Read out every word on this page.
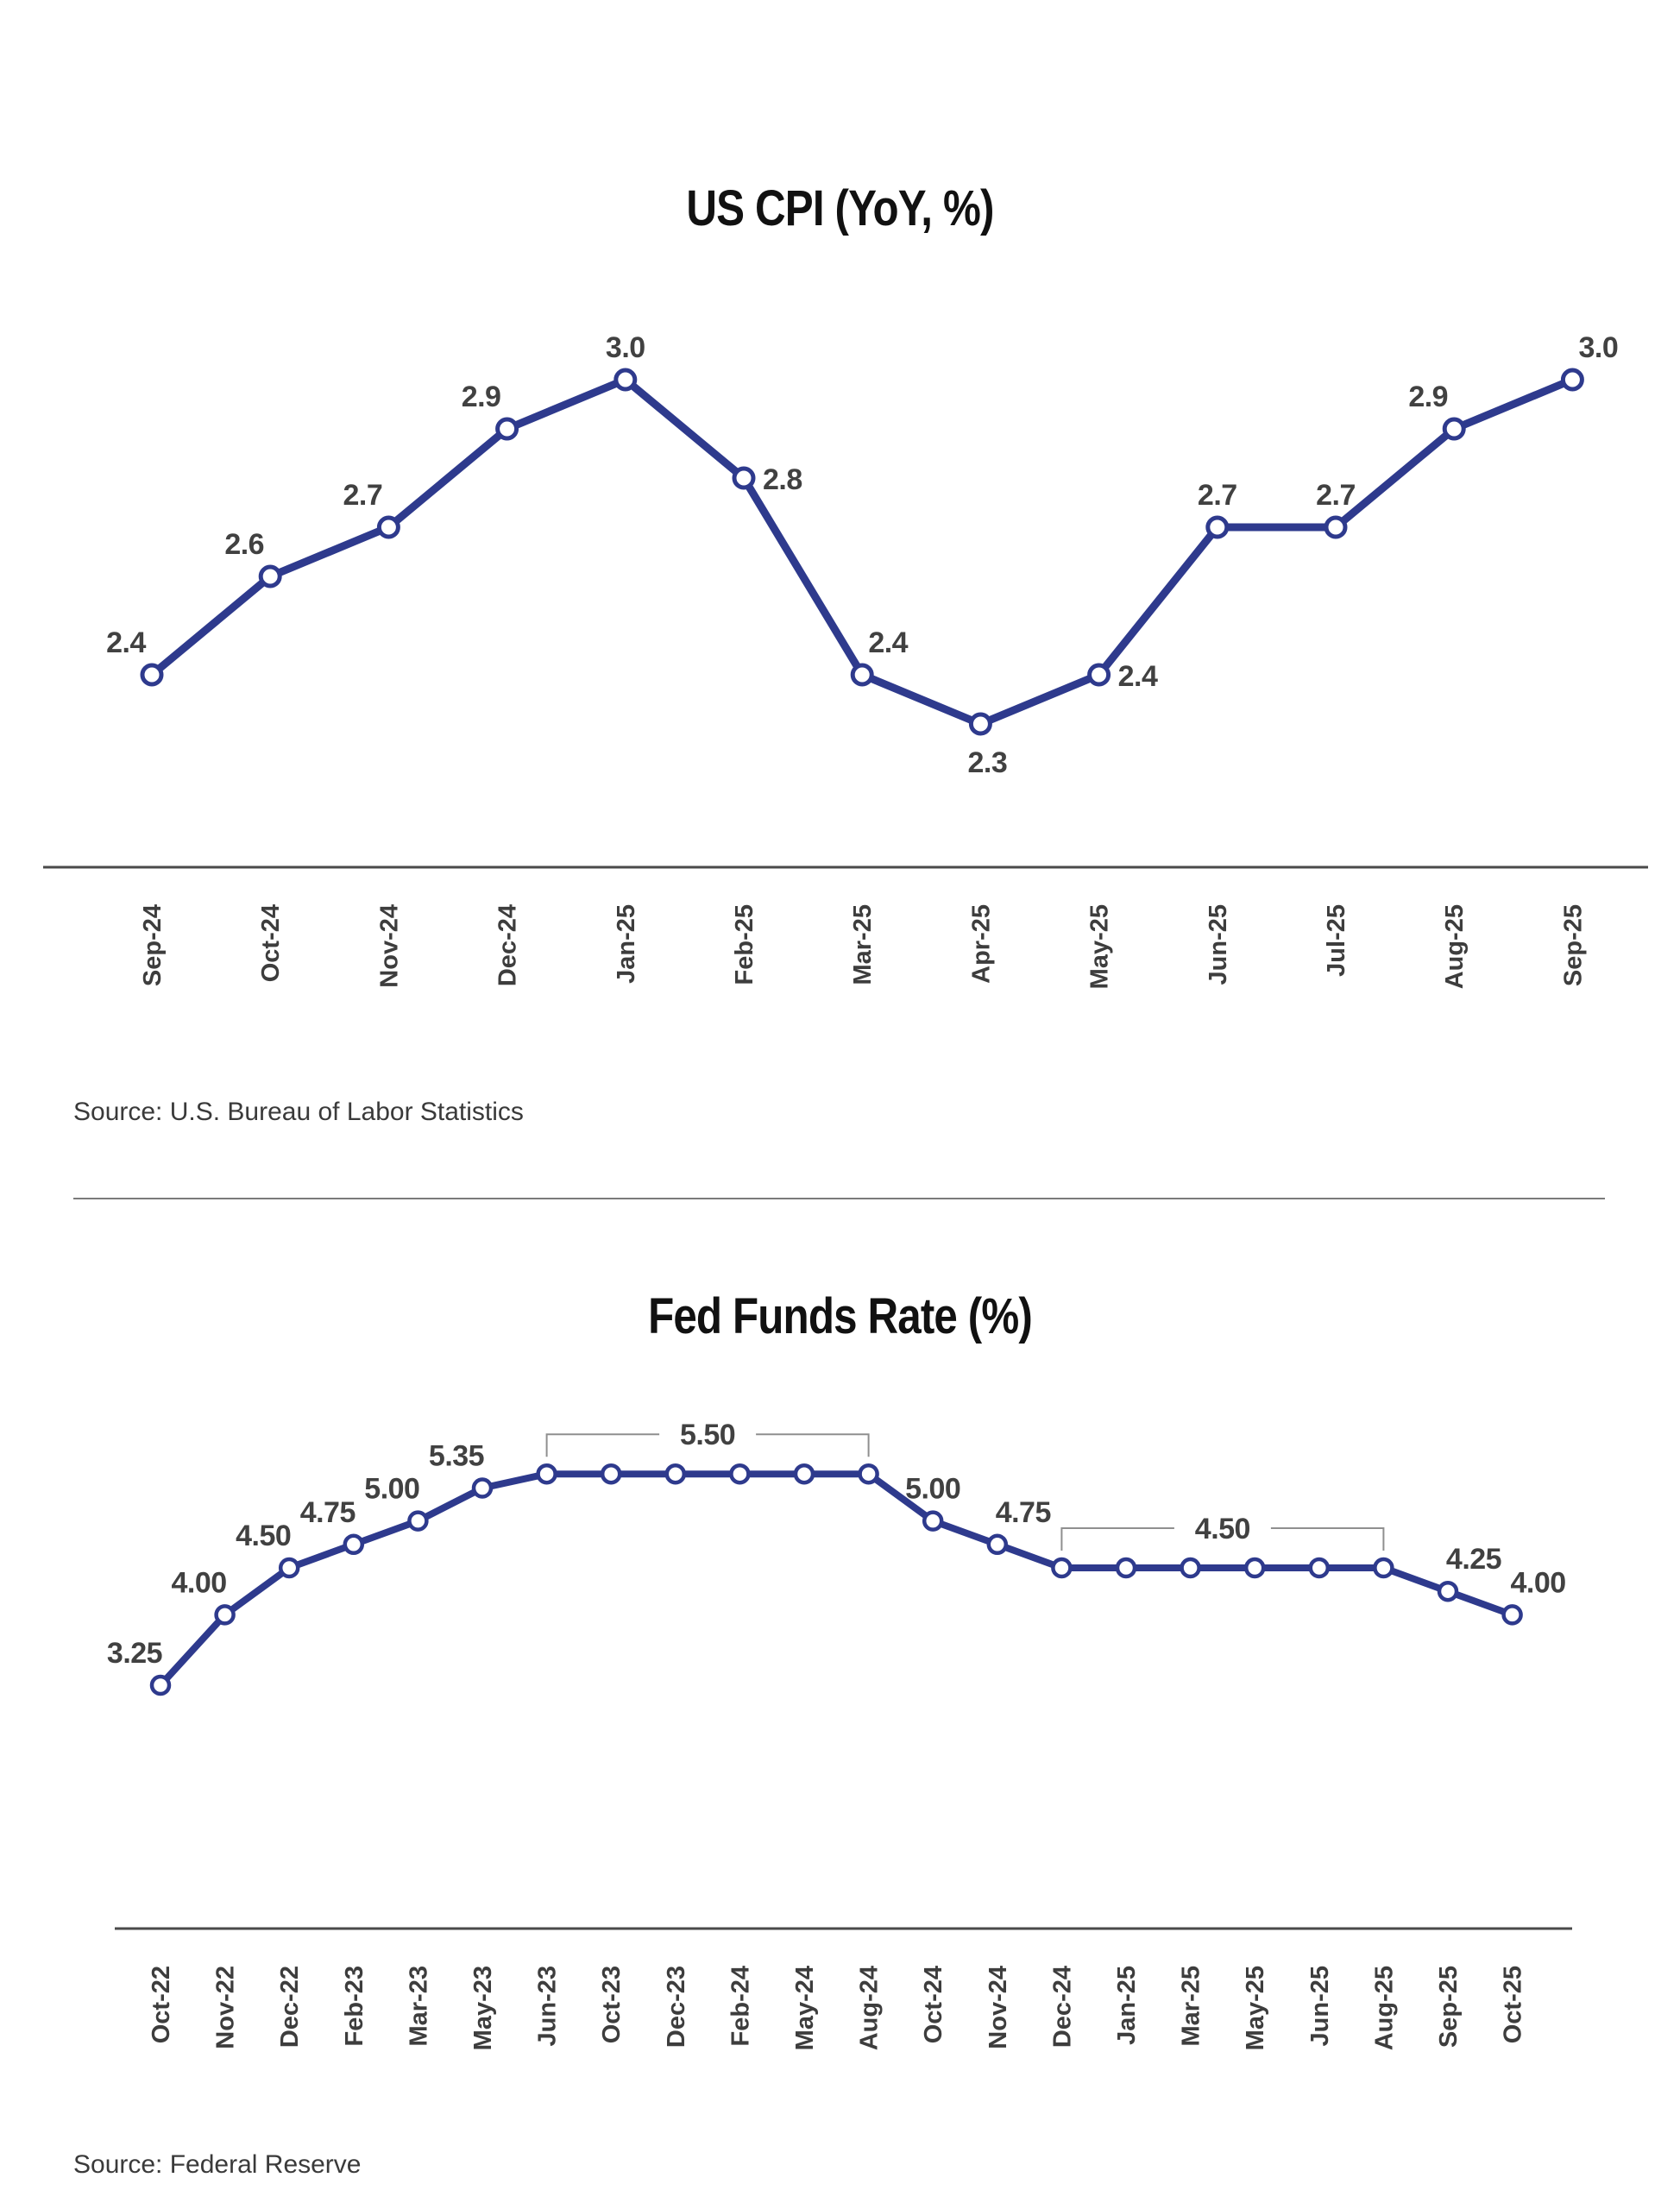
US CPI (YoY, %)
Sep-24	Oct-24	Nov-24	Dec-24	Jan-25	Feb-25	Mar-25	Apr-25	May-25	Jun-25	Jul-25	Aug-25	Sep-25
2.4
2.6
2.7
2.9
3.0
2.8
2.4
2.3
2.4
2.7	2.7
2.9
3.0
Oct-22 Nov-22 Dec-22 Feb-23 Mar-23 May-23 Jun-23 Oct-23 Dec-23 Feb-24 May-24 Aug-24 Oct-24 Nov-24 Dec-24 Jan-25 Mar-25 May-25 Jun-25 Aug-25 Sep-25 Oct-25
5.50
4.50
3.25
4.00
4.50
4.75
5.00
5.35
5.00
4.75
4.25
4.00
Source: U.S. Bureau of Labor Statistics
Fed Funds Rate (%)
Source: Federal Reserve
